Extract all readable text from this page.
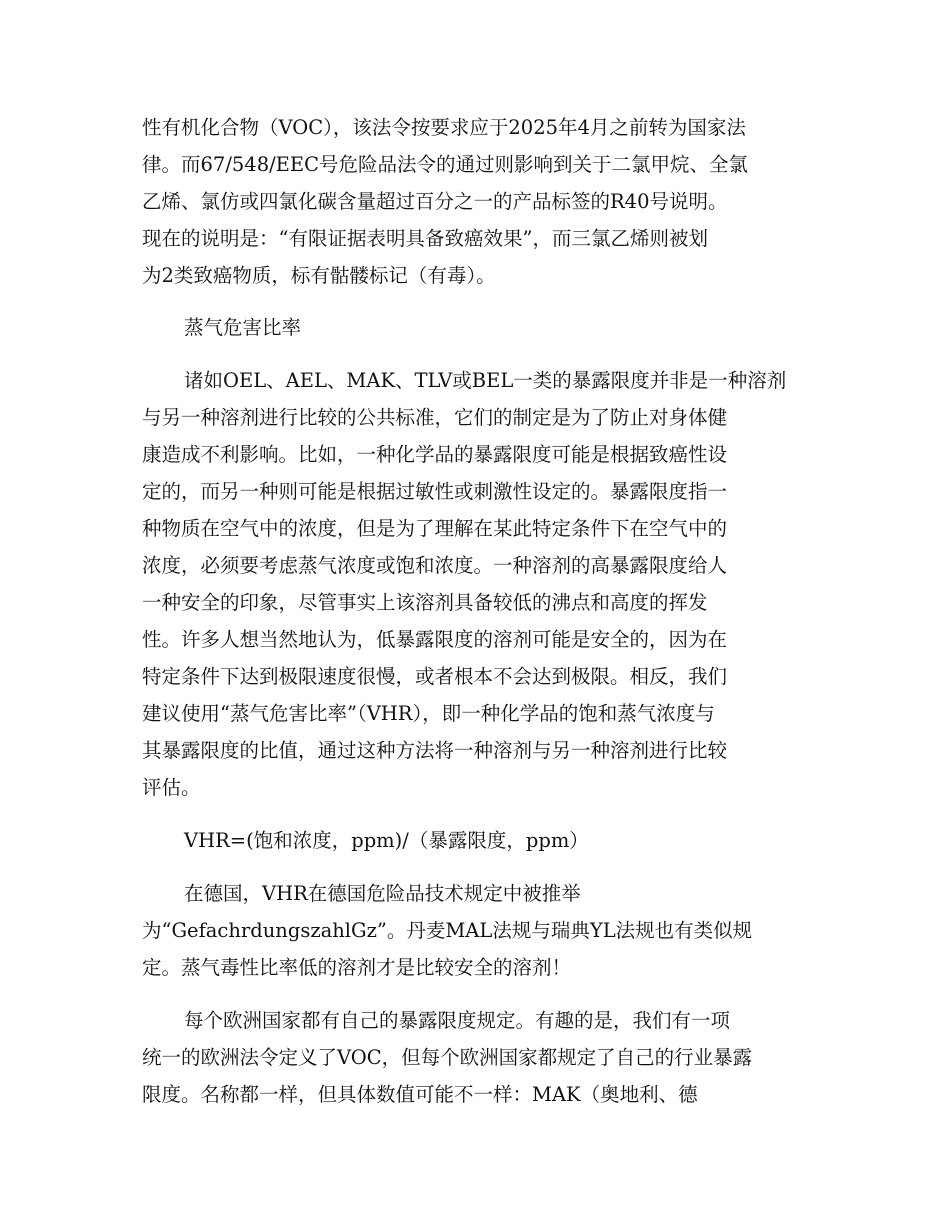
性有机化合物（VOC），该法令按要求应于2025年4月之前转为国家法

律。而67/548/EEC号危险品法令的通过则影响到关于二氯甲烷、全氯

乙烯、氯仿或四氯化碳含量超过百分之一的产品标签的R40号说明。

现在的说明是：“有限证据表明具备致癌效果”，而三氯乙烯则被划

为2类致癌物质，标有骷髅标记（有毒）。

蒸气危害比率

诸如OEL、AEL、MAK、TLV或BEL一类的暴露限度并非是一种溶剂

与另一种溶剂进行比较的公共标准，它们的制定是为了防止对身体健

康造成不利影响。比如，一种化学品的暴露限度可能是根据致癌性设

定的，而另一种则可能是根据过敏性或刺激性设定的。暴露限度指一

种物质在空气中的浓度，但是为了理解在某此特定条件下在空气中的

浓度，必须要考虑蒸气浓度或饱和浓度。一种溶剂的高暴露限度给人

一种安全的印象，尽管事实上该溶剂具备较低的沸点和高度的挥发

性。许多人想当然地认为，低暴露限度的溶剂可能是安全的，因为在

特定条件下达到极限速度很慢，或者根本不会达到极限。相反，我们

建议使用“蒸气危害比率”（VHR），即一种化学品的饱和蒸气浓度与

其暴露限度的比值，通过这种方法将一种溶剂与另一种溶剂进行比较

评估。

VHR=(饱和浓度，ppm)/（暴露限度，ppm）

在德国，VHR在德国危险品技术规定中被推举

为“GefachrdungszahlGz”。丹麦MAL法规与瑞典YL法规也有类似规

定。蒸气毒性比率低的溶剂才是比较安全的溶剂！

每个欧洲国家都有自己的暴露限度规定。有趣的是，我们有一项

统一的欧洲法令定义了VOC，但每个欧洲国家都规定了自己的行业暴露

限度。名称都一样，但具体数值可能不一样：MAK（奥地利、德
